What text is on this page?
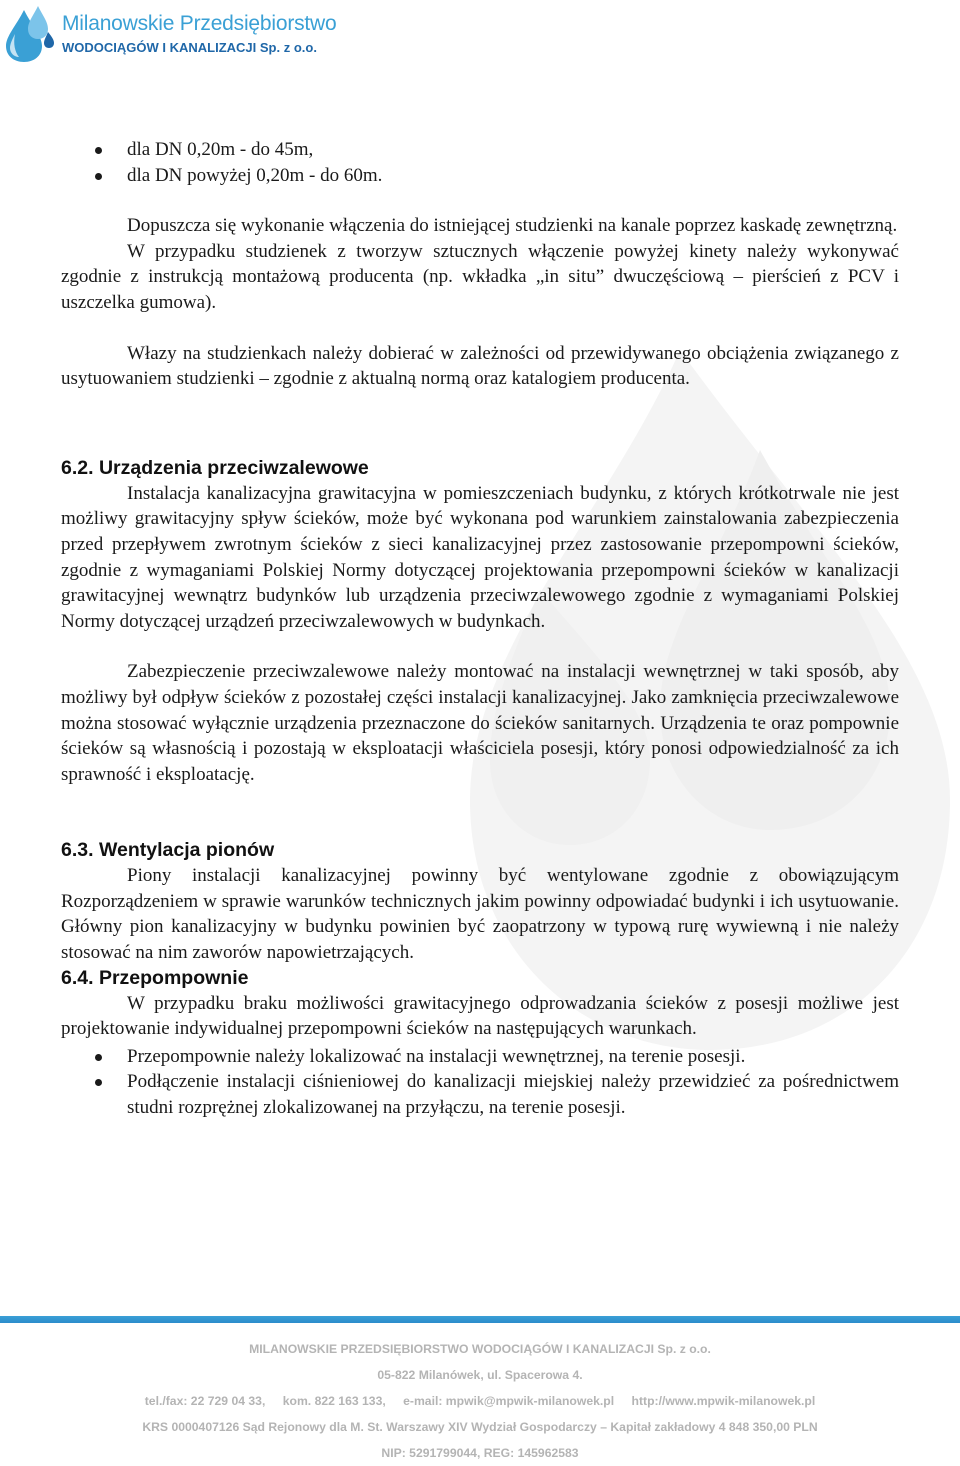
Milanowskie Przedsiębiorstwo
WODOCIĄGÓW I KANALIZACJI Sp. z o.o.
dla DN 0,20m - do 45m,
dla DN powyżej 0,20m - do 60m.

Dopuszcza się wykonanie włączenia do istniejącej studzienki na kanale poprzez kaskadę zewnętrzną.

W przypadku studzienek z tworzyw sztucznych włączenie powyżej kinety należy wykonywać zgodnie z instrukcją montażową producenta (np. wkładka „in situ” dwuczęściową – pierścień z PCV i uszczelka gumowa).

Włazy na studzienkach należy dobierać w zależności od przewidywanego obciążenia związanego z usytuowaniem studzienki – zgodnie z aktualną normą oraz katalogiem producenta.

6.2. Urządzenia przeciwzalewowe

Instalacja kanalizacyjna grawitacyjna w pomieszczeniach budynku, z których krótkotrwale nie jest możliwy grawitacyjny spływ ścieków, może być wykonana pod warunkiem zainstalowania zabezpieczenia przed przepływem zwrotnym ścieków z sieci kanalizacyjnej przez zastosowanie przepompowni ścieków, zgodnie z wymaganiami Polskiej Normy dotyczącej projektowania przepompowni ścieków w kanalizacji grawitacyjnej wewnątrz budynków lub urządzenia przeciwzalewowego zgodnie z wymaganiami Polskiej Normy dotyczącej urządzeń przeciwzalewowych w budynkach.

Zabezpieczenie przeciwzalewowe należy montować na instalacji wewnętrznej w taki sposób, aby możliwy był odpływ ścieków z pozostałej części instalacji kanalizacyjnej. Jako zamknięcia przeciwzalewowe można stosować wyłącznie urządzenia przeznaczone do ścieków sanitarnych. Urządzenia te oraz pompownie ścieków są własnością i pozostają w eksploatacji właściciela posesji, który ponosi odpowiedzialność za ich sprawność i eksploatację.

6.3. Wentylacja pionów

Piony instalacji kanalizacyjnej powinny być wentylowane zgodnie z obowiązującym Rozporządzeniem w sprawie warunków technicznych jakim powinny odpowiadać budynki i ich usytuowanie. Główny pion kanalizacyjny w budynku powinien być zaopatrzony w typową rurę wywiewną i nie należy stosować na nim zaworów napowietrzających.

6.4. Przepompownie

W przypadku braku możliwości grawitacyjnego odprowadzania ścieków z posesji możliwe jest projektowanie indywidualnej przepompowni ścieków na następujących warunkach.

Przepompownie należy lokalizować na instalacji wewnętrznej, na terenie posesji.
Podłączenie instalacji ciśnieniowej do kanalizacji miejskiej należy przewidzieć za pośrednictwem studni rozprężnej zlokalizowanej na przyłączu, na terenie posesji.
MILANOWSKIE PRZEDSIĘBIORSTWO WODOCIĄGÓW I KANALIZACJI Sp. z o.o.
05-822 Milanówek, ul. Spacerowa 4.
tel./fax: 22 729 04 33, kom. 822 163 133, e-mail: mpwik@mpwik-milanowek.pl http://www.mpwik-milanowek.pl
KRS 0000407126 Sąd Rejonowy dla M. St. Warszawy XIV Wydział Gospodarczy – Kapitał zakładowy 4 848 350,00 PLN
NIP: 5291799044, REG: 145962583
